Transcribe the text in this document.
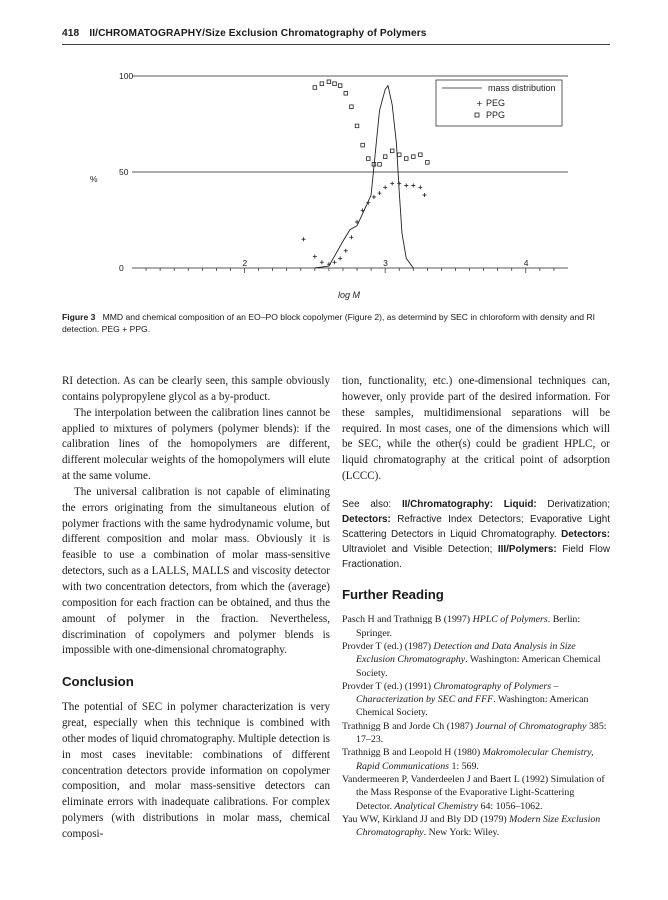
418 II/CHROMATOGRAPHY/Size Exclusion Chromatography of Polymers
0
50
100
2	3	4
%
log M
mass distribution
+ PEG
PPG
Figure 3 MMD and chemical composition of an EO–PO block copolymer (Figure 2), as determind by SEC in chloroform with density and RI detection. PEG + PPG.

RI detection. As can be clearly seen, this sample obviously contains polypropylene glycol as a by-product.

The interpolation between the calibration lines cannot be applied to mixtures of polymers (polymer blends): if the calibration lines of the homopolymers are different, different molecular weights of the homopolymers will elute at the same volume.

The universal calibration is not capable of eliminating the errors originating from the simultaneous elution of polymer fractions with the same hydrodynamic volume, but different composition and molar mass. Obviously it is feasible to use a combination of molar mass-sensitive detectors, such as a LALLS, MALLS and viscosity detector with two concentration detectors, from which the (average) composition for each fraction can be obtained, and thus the amount of polymer in the fraction. Nevertheless, discrimination of copolymers and polymer blends is impossible with one-dimensional chromatography.

Conclusion

The potential of SEC in polymer characterization is very great, especially when this technique is combined with other modes of liquid chromatography. Multiple detection is in most cases inevitable: combinations of different concentration detectors provide information on copolymer composition, and molar mass-sensitive detectors can eliminate errors with inadequate calibrations. For complex polymers (with distributions in molar mass, chemical composi-

tion, functionality, etc.) one-dimensional techniques can, however, only provide part of the desired information. For these samples, multidimensional separations will be required. In most cases, one of the dimensions which will be SEC, while the other(s) could be gradient HPLC, or liquid chromatography at the critical point of adsorption (LCCC).

See also: II/Chromatography: Liquid: Derivatization; Detectors: Refractive Index Detectors; Evaporative Light Scattering Detectors in Liquid Chromatography. Detectors: Ultraviolet and Visible Detection; III/Polymers: Field Flow Fractionation.
Further Reading

Pasch H and Trathnigg B (1997) HPLC of Polymers. Berlin: Springer.

Provder T (ed.) (1987) Detection and Data Analysis in Size Exclusion Chromatography. Washington: American Chemical Society.

Provder T (ed.) (1991) Chromatography of Polymers – Characterization by SEC and FFF. Washington: American Chemical Society.

Trathnigg B and Jorde Ch (1987) Journal of Chromatography 385: 17–23.

Trathnigg B and Leopold H (1980) Makromolecular Chemistry, Rapid Communications 1: 569.

Vandermeeren P, Vanderdeelen J and Baert L (1992) Simulation of the Mass Response of the Evaporative Light-Scattering Detector. Analytical Chemistry 64: 1056–1062.

Yau WW, Kirkland JJ and Bly DD (1979) Modern Size Exclusion Chromatography. New York: Wiley.
